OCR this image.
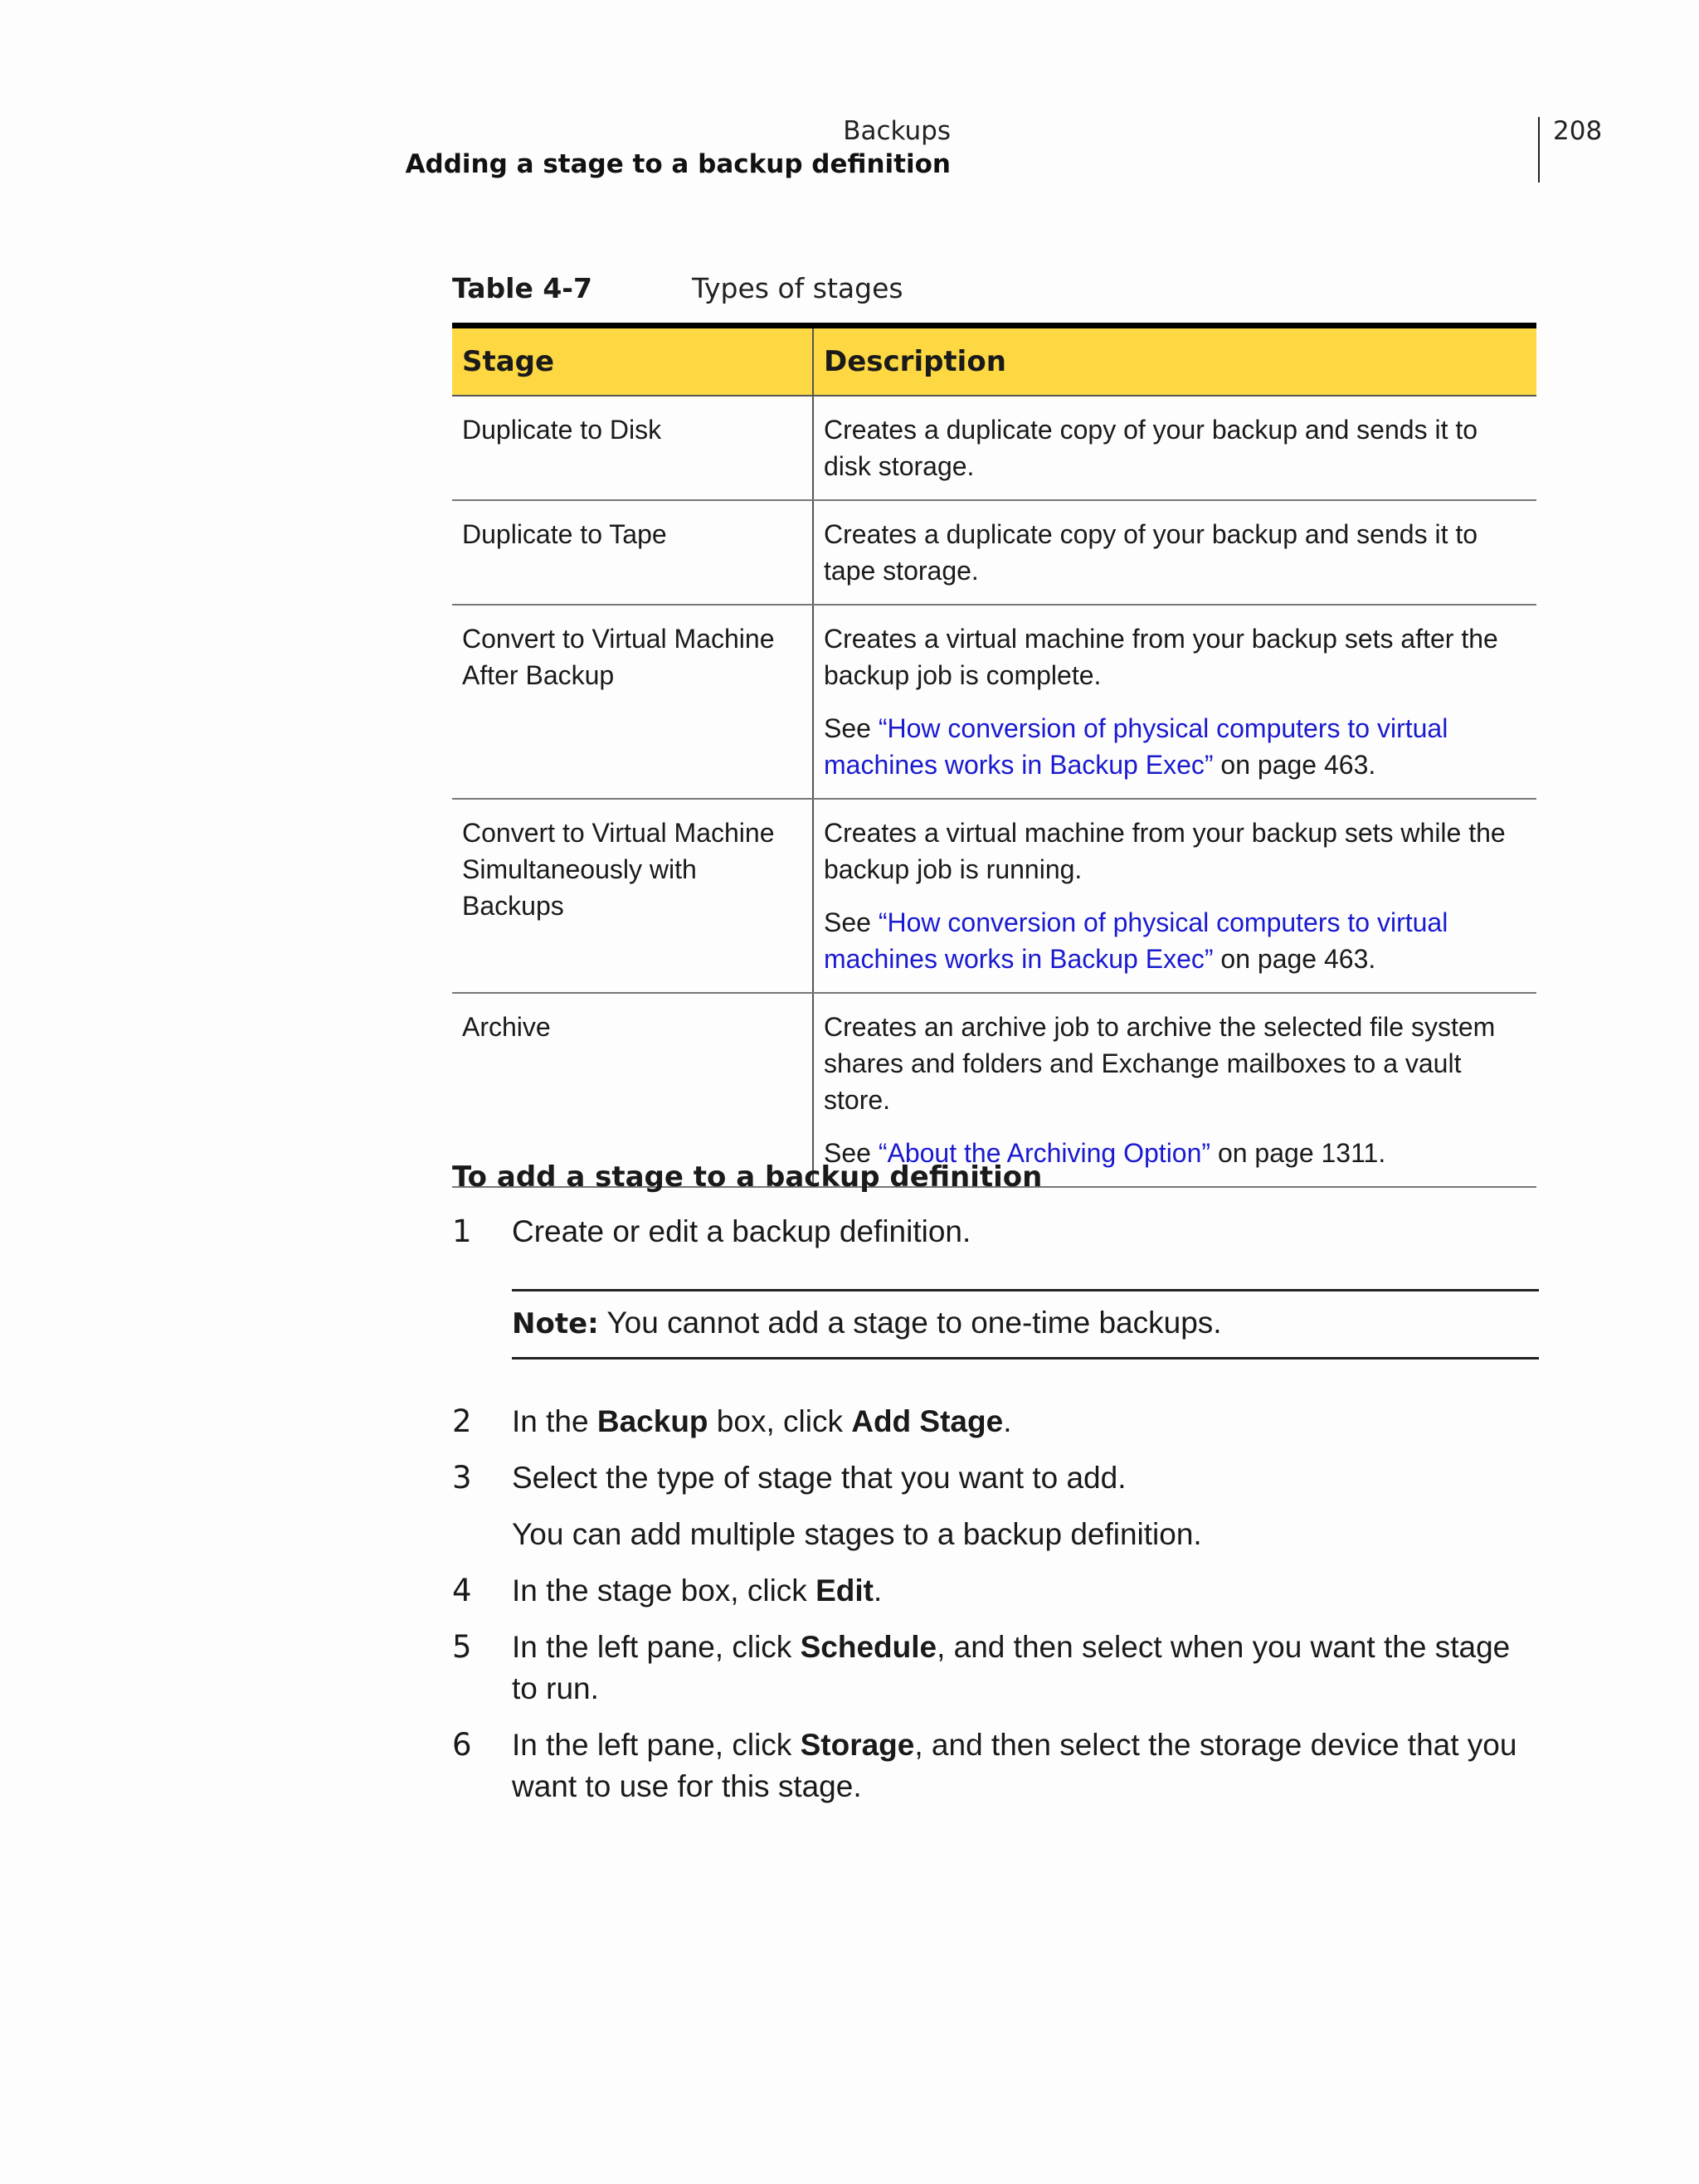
Backups
Adding a stage to a backup definition
208
Table 4-7	Types of stages
Stage	Description
Duplicate to Disk	Creates a duplicate copy of your backup and sends it to disk storage.

Duplicate to Tape	Creates a duplicate copy of your backup and sends it to tape storage.

Convert to Virtual Machine After Backup	Creates a virtual machine from your backup sets after the backup job is complete.

See “How conversion of physical computers to virtual machines works in Backup Exec” on page 463.

Convert to Virtual Machine Simultaneously with Backups	Creates a virtual machine from your backup sets while the backup job is running.

See “How conversion of physical computers to virtual machines works in Backup Exec” on page 463.

Archive	Creates an archive job to archive the selected file system shares and folders and Exchange mailboxes to a vault store.

See “About the Archiving Option” on page 1311.

To add a stage to a backup definition
1 Create or edit a backup definition.

Note: You cannot add a stage to one-time backups.
2 In the Backup box, click Add Stage.

3 Select the type of stage that you want to add.

You can add multiple stages to a backup definition.

4 In the stage box, click Edit.

5 In the left pane, click Schedule, and then select when you want the stage to run.

6 In the left pane, click Storage, and then select the storage device that you want to use for this stage.
